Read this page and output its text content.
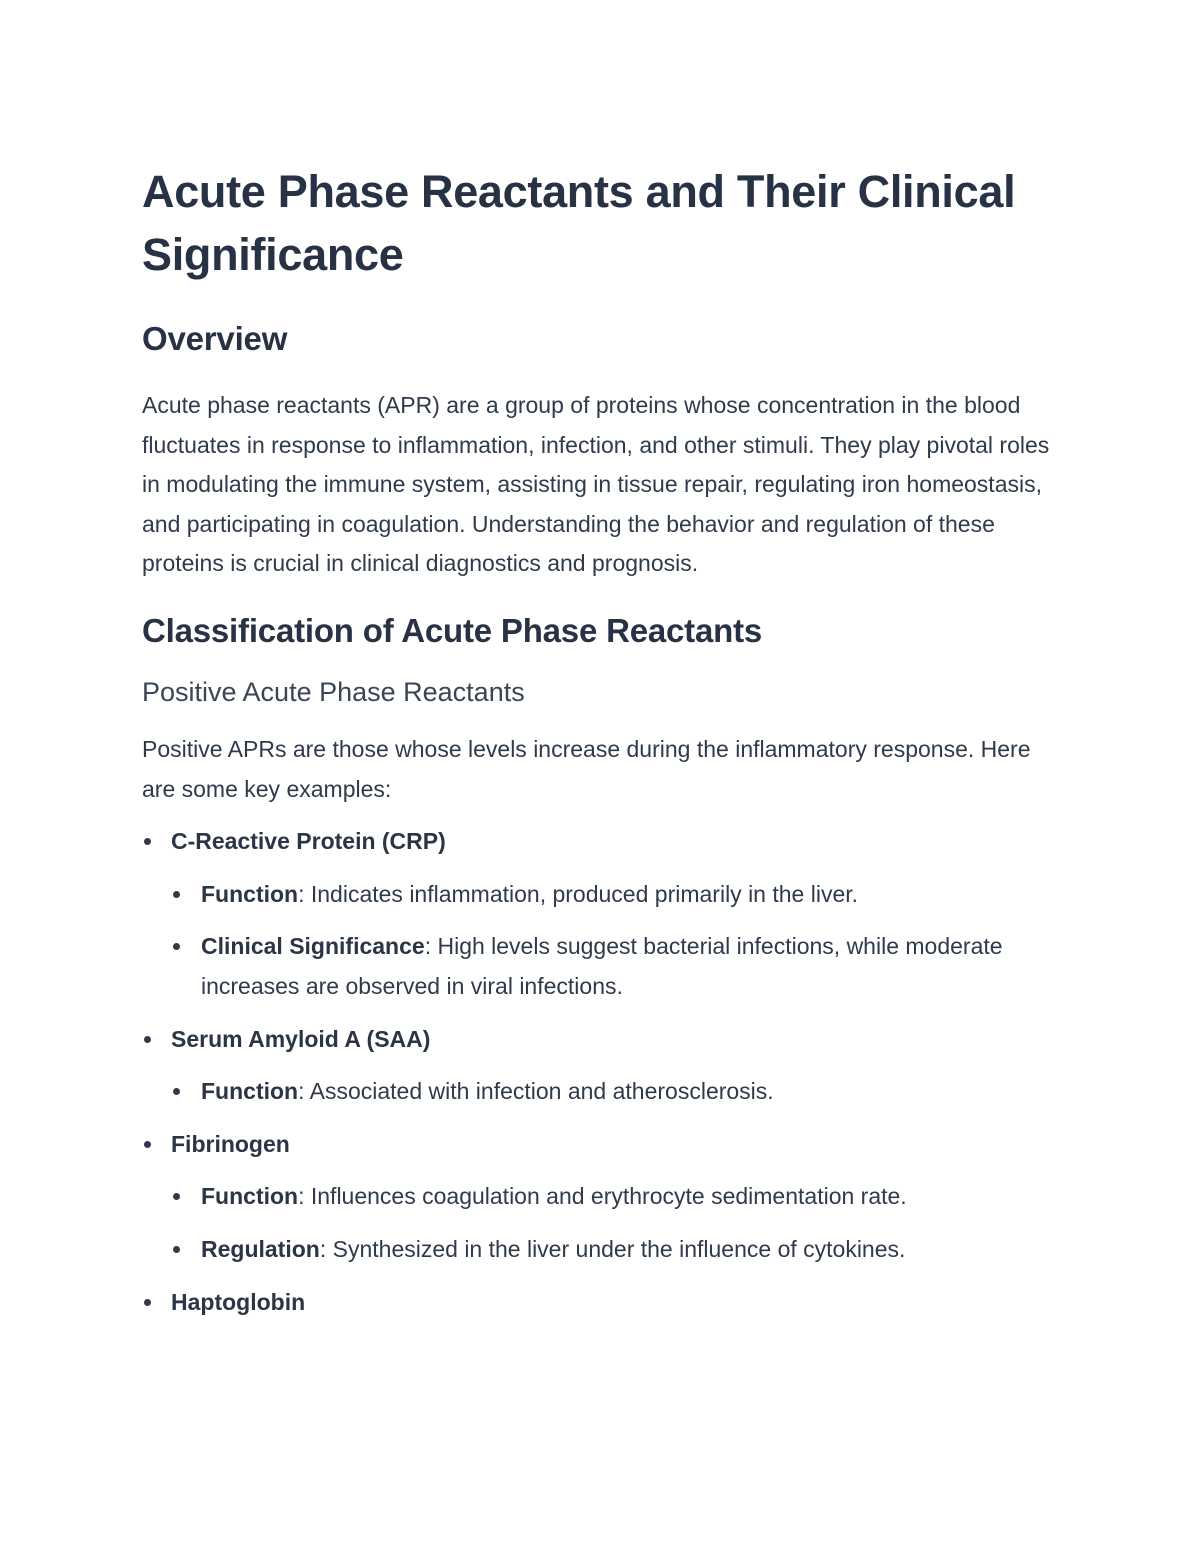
Acute Phase Reactants and Their Clinical Significance
Overview

Acute phase reactants (APR) are a group of proteins whose concentration in the blood fluctuates in response to inflammation, infection, and other stimuli. They play pivotal roles in modulating the immune system, assisting in tissue repair, regulating iron homeostasis, and participating in coagulation. Understanding the behavior and regulation of these proteins is crucial in clinical diagnostics and prognosis.

Classification of Acute Phase Reactants
Positive Acute Phase Reactants

Positive APRs are those whose levels increase during the inflammatory response. Here are some key examples:

C-Reactive Protein (CRP)
Function: Indicates inflammation, produced primarily in the liver.
Clinical Significance: High levels suggest bacterial infections, while moderate increases are observed in viral infections.
Serum Amyloid A (SAA)
Function: Associated with infection and atherosclerosis.
Fibrinogen
Function: Influences coagulation and erythrocyte sedimentation rate.
Regulation: Synthesized in the liver under the influence of cytokines.
Haptoglobin
